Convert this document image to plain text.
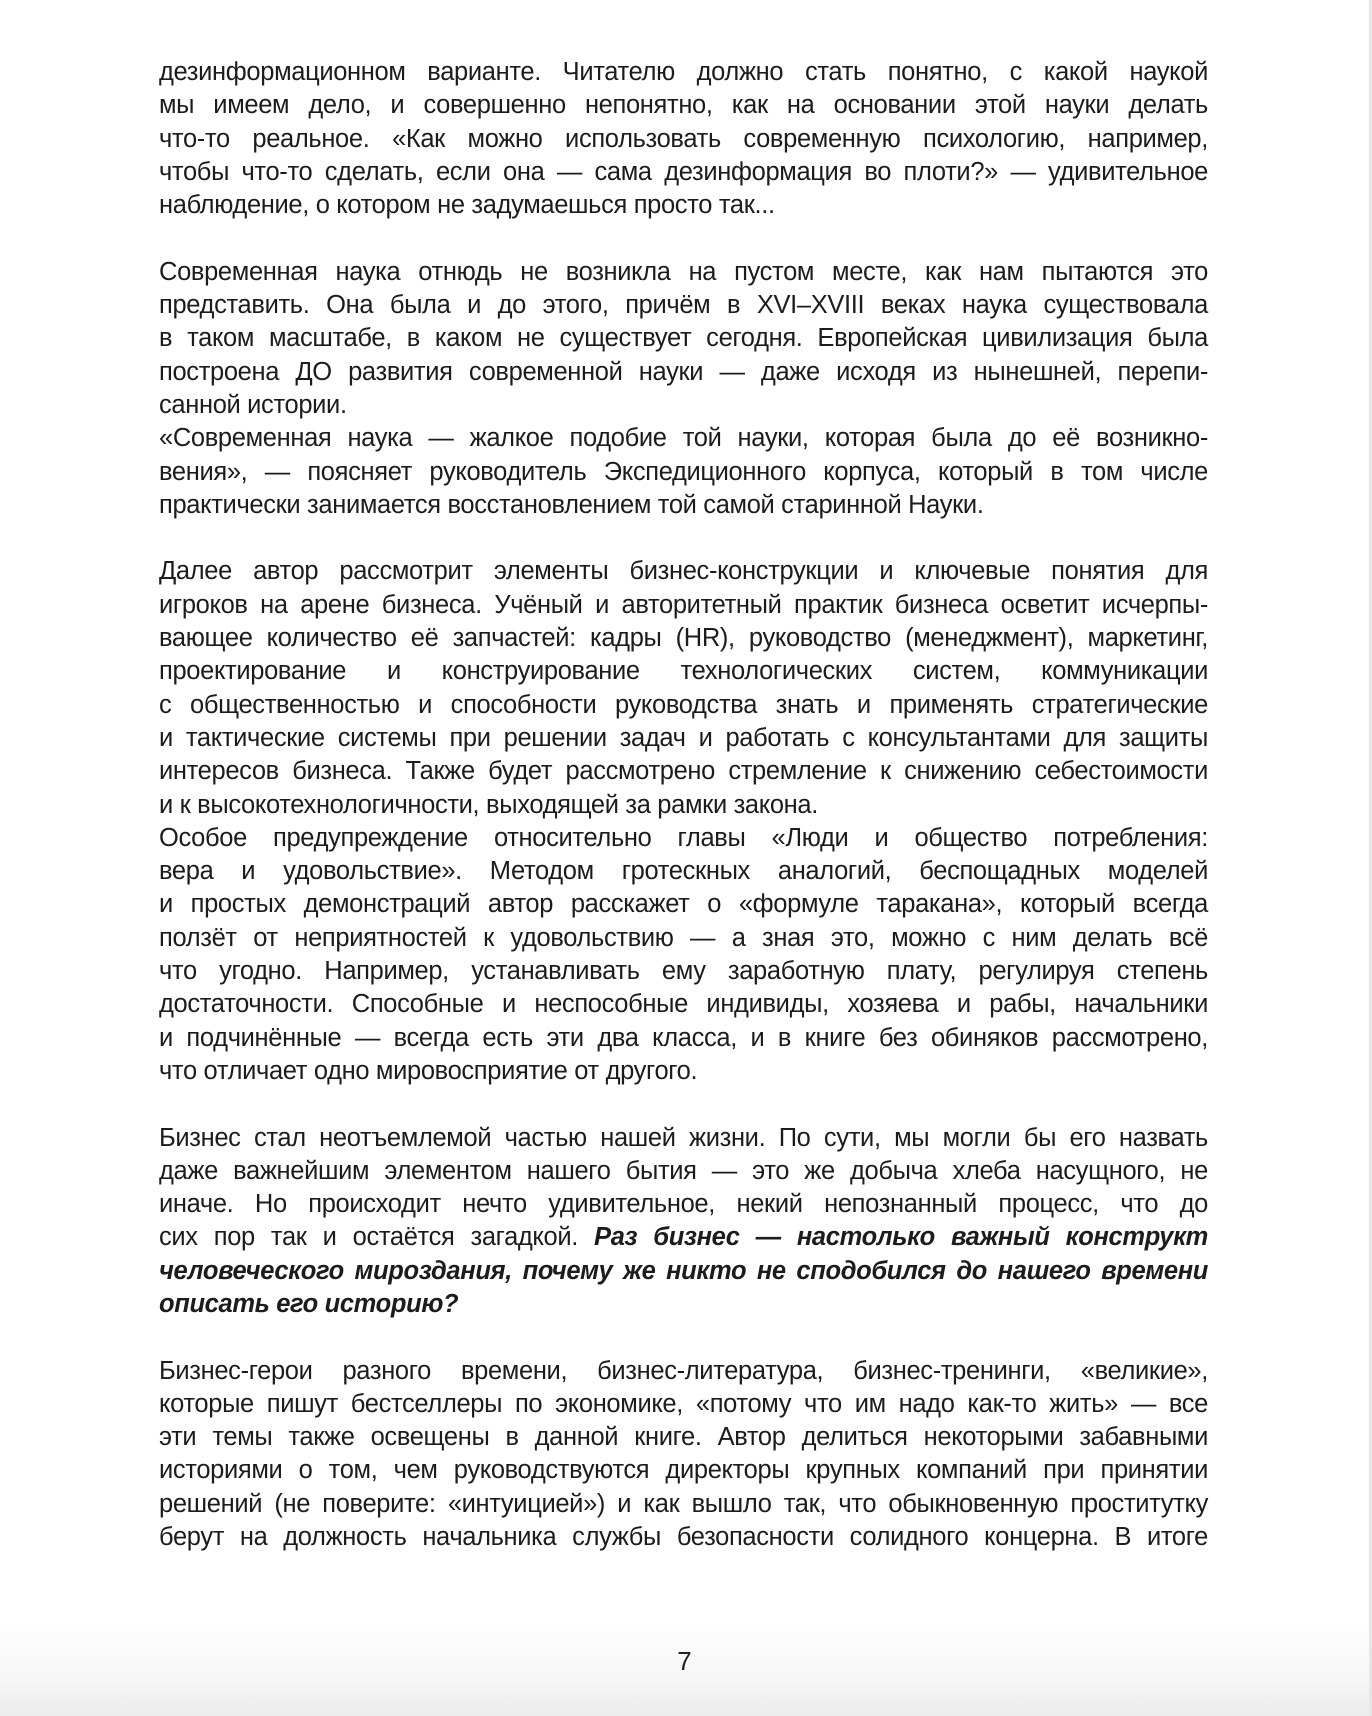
дезинформационном варианте. Читателю должно стать понятно, с какой наукой
мы имеем дело, и совершенно непонятно, как на основании этой науки делать
что-то реальное. «Как можно использовать современную психологию, например,
чтобы что-то сделать, если она — сама дезинформация во плоти?» — удивительное
наблюдение, о котором не задумаешься просто так...
Современная наука отнюдь не возникла на пустом месте, как нам пытаются это
представить. Она была и до этого, причём в XVI–XVIII веках наука существовала
в таком масштабе, в каком не существует сегодня. Европейская цивилизация была
построена ДО развития современной науки — даже исходя из нынешней, перепи-
санной истории.
«Современная наука — жалкое подобие той науки, которая была до её возникно-
вения», — поясняет руководитель Экспедиционного корпуса, который в том числе
практически занимается восстановлением той самой старинной Науки.
Далее автор рассмотрит элементы бизнес-конструкции и ключевые понятия для
игроков на арене бизнеса. Учёный и авторитетный практик бизнеса осветит исчерпы-
вающее количество её запчастей: кадры (HR), руководство (менеджмент), маркетинг,
проектирование и конструирование технологических систем, коммуникации
с общественностью и способности руководства знать и применять стратегические
и тактические системы при решении задач и работать с консультантами для защиты
интересов бизнеса. Также будет рассмотрено стремление к снижению себестоимости
и к высокотехнологичности, выходящей за рамки закона.
Особое предупреждение относительно главы «Люди и общество потребления:
вера и удовольствие». Методом гротескных аналогий, беспощадных моделей
и простых демонстраций автор расскажет о «формуле таракана», который всегда
ползёт от неприятностей к удовольствию — а зная это, можно с ним делать всё
что угодно. Например, устанавливать ему заработную плату, регулируя степень
достаточности. Способные и неспособные индивиды, хозяева и рабы, начальники
и подчинённые — всегда есть эти два класса, и в книге без обиняков рассмотрено,
что отличает одно мировосприятие от другого.
Бизнес стал неотъемлемой частью нашей жизни. По сути, мы могли бы его назвать
даже важнейшим элементом нашего бытия — это же добыча хлеба насущного, не
иначе. Но происходит нечто удивительное, некий непознанный процесс, что до
сих пор так и остаётся загадкой. Раз бизнес — настолько важный конструкт
человеческого мироздания, почему же никто не сподобился до нашего времени
описать его историю?
Бизнес-герои разного времени, бизнес-литература, бизнес-тренинги, «великие»,
которые пишут бестселлеры по экономике, «потому что им надо как-то жить» — все
эти темы также освещены в данной книге. Автор делиться некоторыми забавными
историями о том, чем руководствуются директоры крупных компаний при принятии
решений (не поверите: «интуицией») и как вышло так, что обыкновенную проститутку
берут на должность начальника службы безопасности солидного концерна. В итоге
7
